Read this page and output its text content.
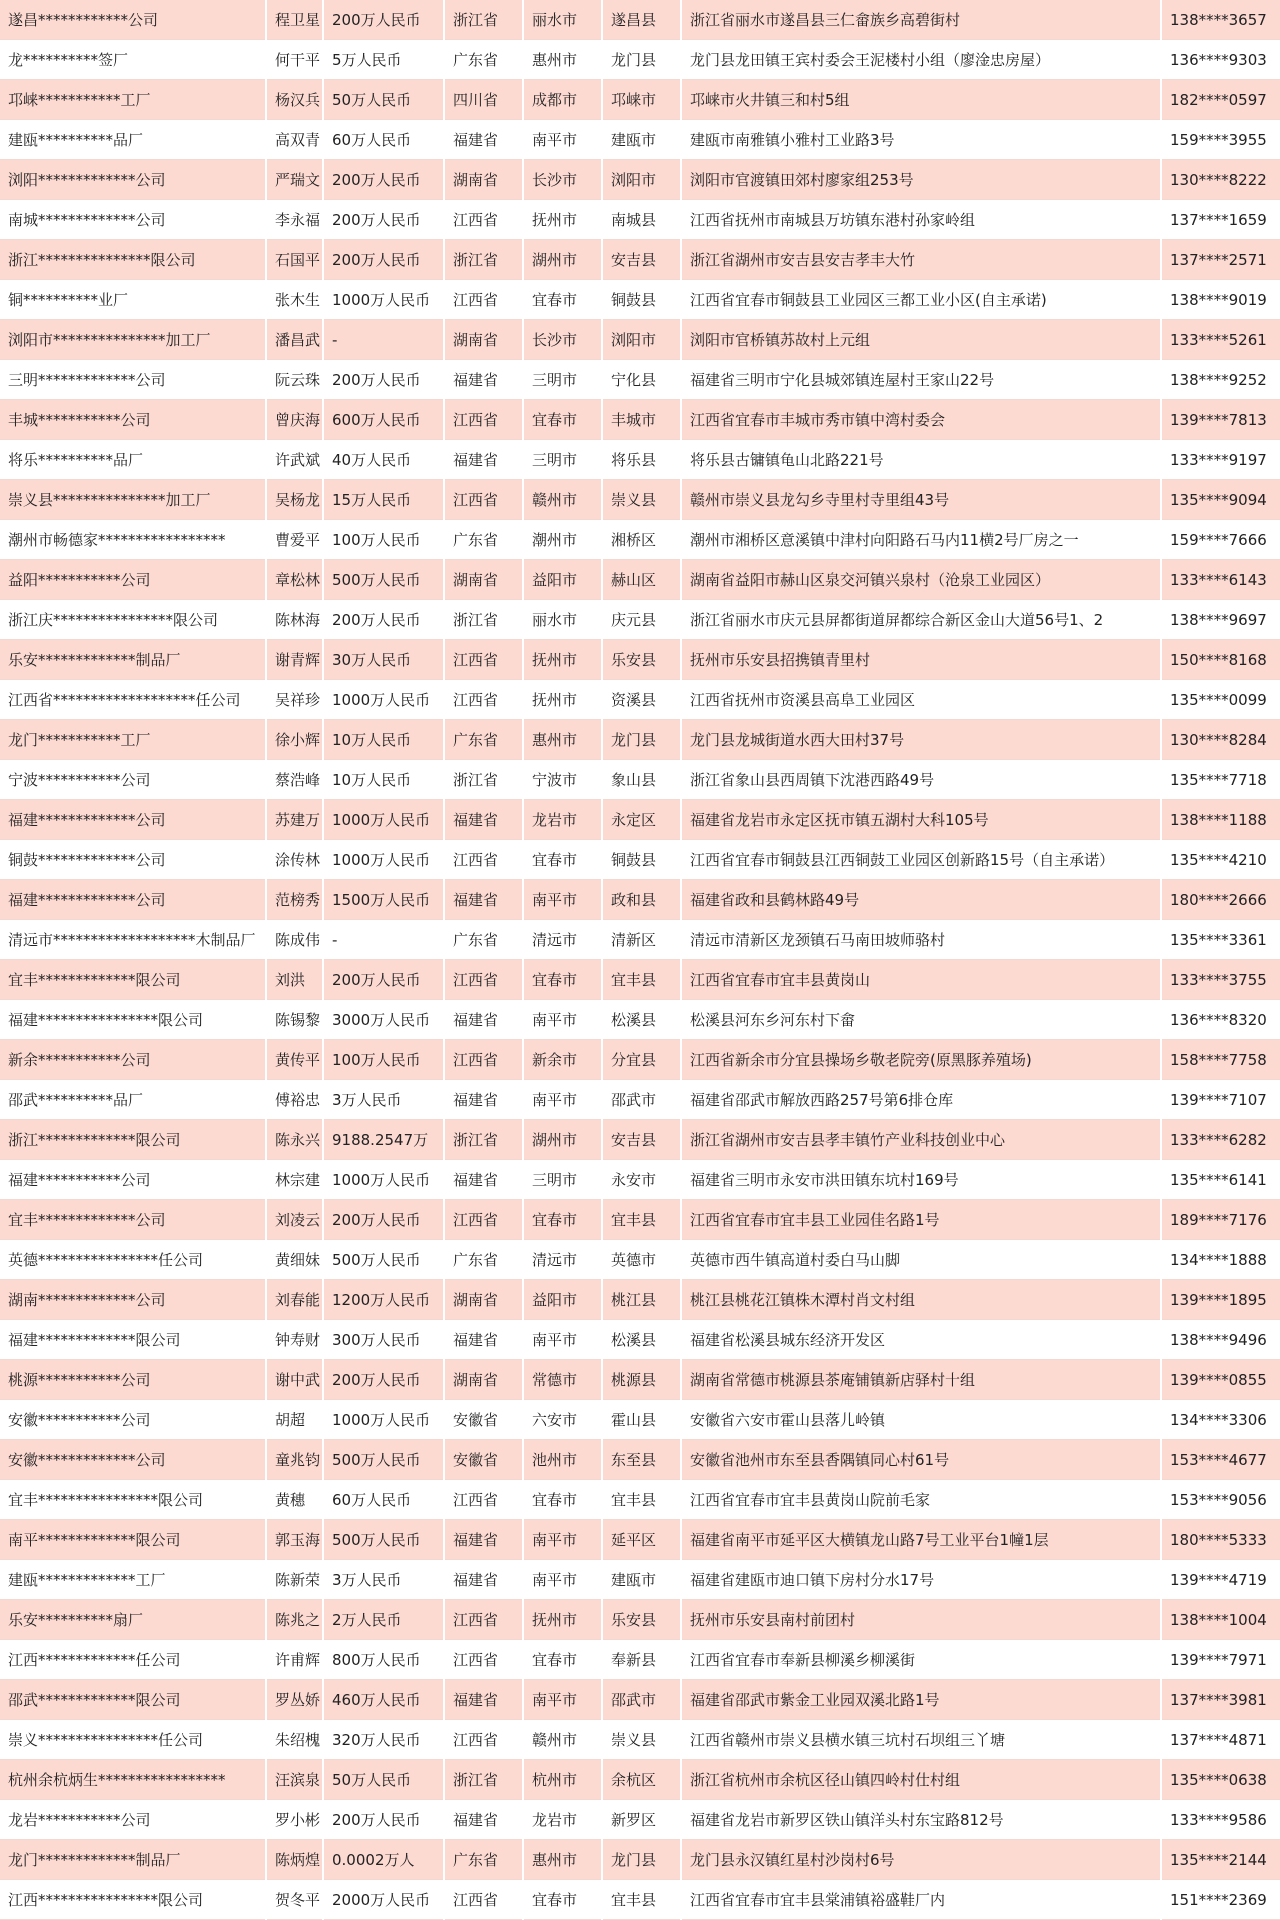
遂昌************公司	程卫星	200万人民币	浙江省	丽水市	遂昌县	浙江省丽水市遂昌县三仁畲族乡高碧街村	138****3657
龙**********签厂	何干平	5万人民币	广东省	惠州市	龙门县	龙门县龙田镇王宾村委会王泥楼村小组（廖淦忠房屋）	136****9303
邛崃***********工厂	杨汉兵	50万人民币	四川省	成都市	邛崃市	邛崃市火井镇三和村5组	182****0597
建瓯**********品厂	高双青	60万人民币	福建省	南平市	建瓯市	建瓯市南雅镇小雅村工业路3号	159****3955
浏阳*************公司	严瑞文	200万人民币	湖南省	长沙市	浏阳市	浏阳市官渡镇田郊村廖家组253号	130****8222
南城*************公司	李永福	200万人民币	江西省	抚州市	南城县	江西省抚州市南城县万坊镇东港村孙家岭组	137****1659
浙江***************限公司	石国平	200万人民币	浙江省	湖州市	安吉县	浙江省湖州市安吉县安吉孝丰大竹	137****2571
铜**********业厂	张木生	1000万人民币	江西省	宜春市	铜鼓县	江西省宜春市铜鼓县工业园区三都工业小区(自主承诺)	138****9019
浏阳市***************加工厂	潘昌武	-	湖南省	长沙市	浏阳市	浏阳市官桥镇苏故村上元组	133****5261
三明*************公司	阮云珠	200万人民币	福建省	三明市	宁化县	福建省三明市宁化县城郊镇连屋村王家山22号	138****9252
丰城***********公司	曾庆海	600万人民币	江西省	宜春市	丰城市	江西省宜春市丰城市秀市镇中湾村委会	139****7813
将乐**********品厂	许武斌	40万人民币	福建省	三明市	将乐县	将乐县古镛镇龟山北路221号	133****9197
崇义县***************加工厂	吴杨龙	15万人民币	江西省	赣州市	崇义县	赣州市崇义县龙勾乡寺里村寺里组43号	135****9094
潮州市畅德家*****************	曹爱平	100万人民币	广东省	潮州市	湘桥区	潮州市湘桥区意溪镇中津村向阳路石马内11横2号厂房之一	159****7666
益阳***********公司	章松林	500万人民币	湖南省	益阳市	赫山区	湖南省益阳市赫山区泉交河镇兴泉村（沧泉工业园区）	133****6143
浙江庆****************限公司	陈林海	200万人民币	浙江省	丽水市	庆元县	浙江省丽水市庆元县屏都街道屏都综合新区金山大道56号1、2	138****9697
乐安*************制品厂	谢青辉	30万人民币	江西省	抚州市	乐安县	抚州市乐安县招携镇青里村	150****8168
江西省*******************任公司	吴祥珍	1000万人民币	江西省	抚州市	资溪县	江西省抚州市资溪县高阜工业园区	135****0099
龙门***********工厂	徐小辉	10万人民币	广东省	惠州市	龙门县	龙门县龙城街道水西大田村37号	130****8284
宁波***********公司	蔡浩峰	10万人民币	浙江省	宁波市	象山县	浙江省象山县西周镇下沈港西路49号	135****7718
福建*************公司	苏建万	1000万人民币	福建省	龙岩市	永定区	福建省龙岩市永定区抚市镇五湖村大科105号	138****1188
铜鼓*************公司	涂传林	1000万人民币	江西省	宜春市	铜鼓县	江西省宜春市铜鼓县江西铜鼓工业园区创新路15号（自主承诺）	135****4210
福建*************公司	范榜秀	1500万人民币	福建省	南平市	政和县	福建省政和县鹤林路49号	180****2666
清远市*******************木制品厂	陈成伟	-	广东省	清远市	清新区	清远市清新区龙颈镇石马南田坡师骆村	135****3361
宜丰*************限公司	刘洪	200万人民币	江西省	宜春市	宜丰县	江西省宜春市宜丰县黄岗山	133****3755
福建****************限公司	陈锡黎	3000万人民币	福建省	南平市	松溪县	松溪县河东乡河东村下畲	136****8320
新余***********公司	黄传平	100万人民币	江西省	新余市	分宜县	江西省新余市分宜县操场乡敬老院旁(原黑豚养殖场)	158****7758
邵武**********品厂	傅裕忠	3万人民币	福建省	南平市	邵武市	福建省邵武市解放西路257号第6排仓库	139****7107
浙江*************限公司	陈永兴	9188.2547万	浙江省	湖州市	安吉县	浙江省湖州市安吉县孝丰镇竹产业科技创业中心	133****6282
福建***********公司	林宗建	1000万人民币	福建省	三明市	永安市	福建省三明市永安市洪田镇东坑村169号	135****6141
宜丰*************公司	刘凌云	200万人民币	江西省	宜春市	宜丰县	江西省宜春市宜丰县工业园佳名路1号	189****7176
英德****************任公司	黄细妹	500万人民币	广东省	清远市	英德市	英德市西牛镇高道村委白马山脚	134****1888
湖南*************公司	刘春能	1200万人民币	湖南省	益阳市	桃江县	桃江县桃花江镇株木潭村肖文村组	139****1895
福建*************限公司	钟寿财	300万人民币	福建省	南平市	松溪县	福建省松溪县城东经济开发区	138****9496
桃源***********公司	谢中武	200万人民币	湖南省	常德市	桃源县	湖南省常德市桃源县茶庵铺镇新店驿村十组	139****0855
安徽***********公司	胡超	1000万人民币	安徽省	六安市	霍山县	安徽省六安市霍山县落儿岭镇	134****3306
安徽*************公司	童兆钧	500万人民币	安徽省	池州市	东至县	安徽省池州市东至县香隅镇同心村61号	153****4677
宜丰****************限公司	黄穗	60万人民币	江西省	宜春市	宜丰县	江西省宜春市宜丰县黄岗山院前毛家	153****9056
南平*************限公司	郭玉海	500万人民币	福建省	南平市	延平区	福建省南平市延平区大横镇龙山路7号工业平台1幢1层	180****5333
建瓯*************工厂	陈新荣	3万人民币	福建省	南平市	建瓯市	福建省建瓯市迪口镇下房村分水17号	139****4719
乐安**********扇厂	陈兆之	2万人民币	江西省	抚州市	乐安县	抚州市乐安县南村前团村	138****1004
江西*************任公司	许甫辉	800万人民币	江西省	宜春市	奉新县	江西省宜春市奉新县柳溪乡柳溪街	139****7971
邵武*************限公司	罗丛娇	460万人民币	福建省	南平市	邵武市	福建省邵武市紫金工业园双溪北路1号	137****3981
崇义****************任公司	朱绍槐	320万人民币	江西省	赣州市	崇义县	江西省赣州市崇义县横水镇三坑村石坝组三丫塘	137****4871
杭州余杭炳生*****************	汪滨泉	50万人民币	浙江省	杭州市	余杭区	浙江省杭州市余杭区径山镇四岭村仕村组	135****0638
龙岩***********公司	罗小彬	200万人民币	福建省	龙岩市	新罗区	福建省龙岩市新罗区铁山镇洋头村东宝路812号	133****9586
龙门*************制品厂	陈炳煌	0.0002万人	广东省	惠州市	龙门县	龙门县永汉镇红星村沙岗村6号	135****2144
江西****************限公司	贺冬平	2000万人民币	江西省	宜春市	宜丰县	江西省宜春市宜丰县棠浦镇裕盛鞋厂内	151****2369
